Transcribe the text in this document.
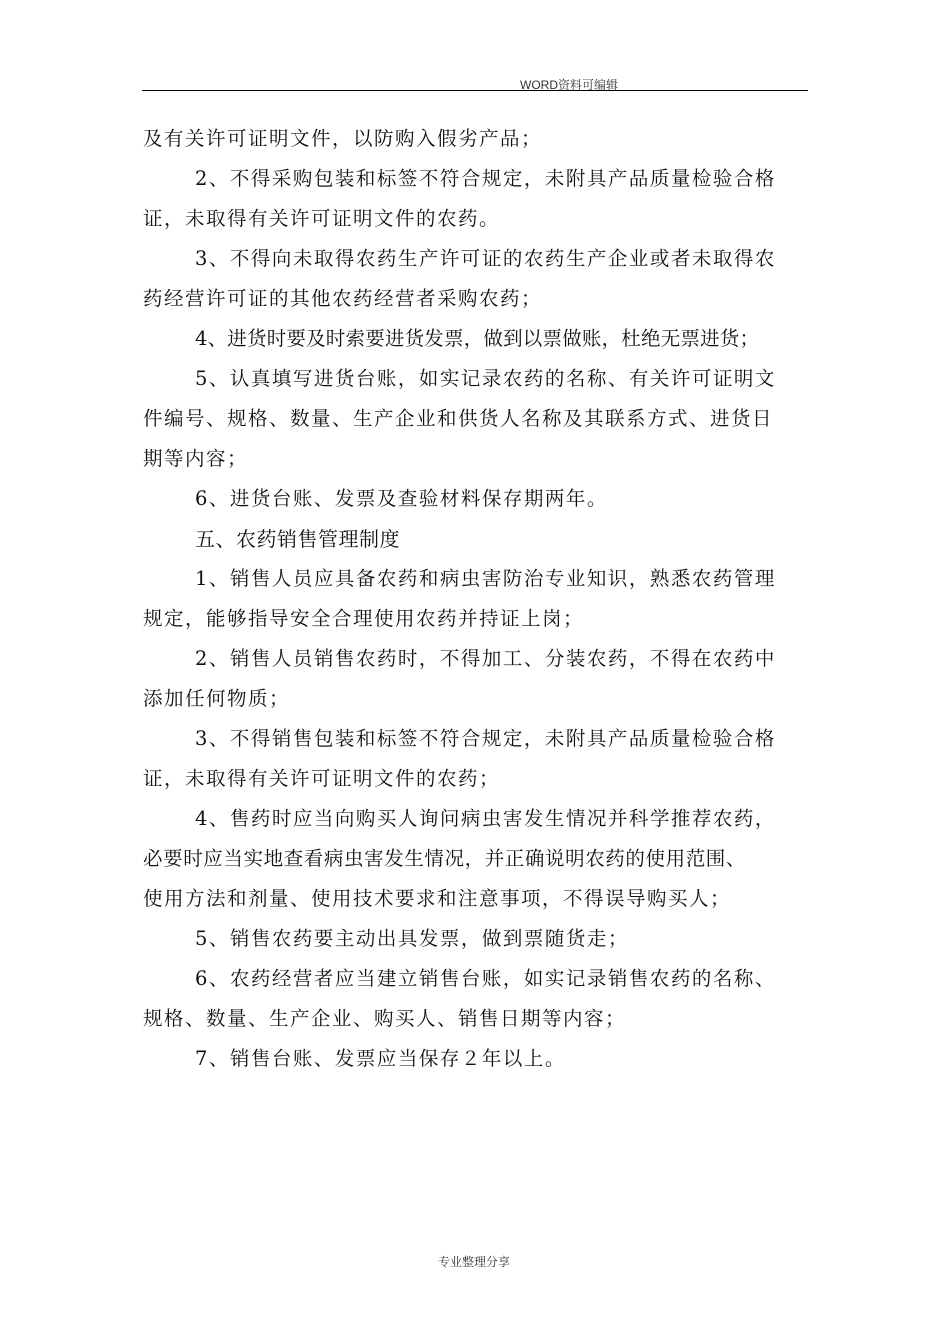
WORD资料可编辑
及有关许可证明文件，以防购入假劣产品；
2、不得采购包装和标签不符合规定，未附具产品质量检验合格
证，未取得有关许可证明文件的农药。
3、不得向未取得农药生产许可证的农药生产企业或者未取得农
药经营许可证的其他农药经营者采购农药；
4、进货时要及时索要进货发票，做到以票做账，杜绝无票进货；
5、认真填写进货台账，如实记录农药的名称、有关许可证明文
件编号、规格、数量、生产企业和供货人名称及其联系方式、进货日
期等内容；
6、进货台账、发票及查验材料保存期两年。
五、农药销售管理制度
1、销售人员应具备农药和病虫害防治专业知识，熟悉农药管理
规定，能够指导安全合理使用农药并持证上岗；
2、销售人员销售农药时，不得加工、分装农药，不得在农药中
添加任何物质；
3、不得销售包装和标签不符合规定，未附具产品质量检验合格
证，未取得有关许可证明文件的农药；
4、售药时应当向购买人询问病虫害发生情况并科学推荐农药，
必要时应当实地查看病虫害发生情况，并正确说明农药的使用范围、
使用方法和剂量、使用技术要求和注意事项，不得误导购买人；
5、销售农药要主动出具发票，做到票随货走；
6、农药经营者应当建立销售台账，如实记录销售农药的名称、
规格、数量、生产企业、购买人、销售日期等内容；
7、销售台账、发票应当保存２年以上。
专业整理分享
